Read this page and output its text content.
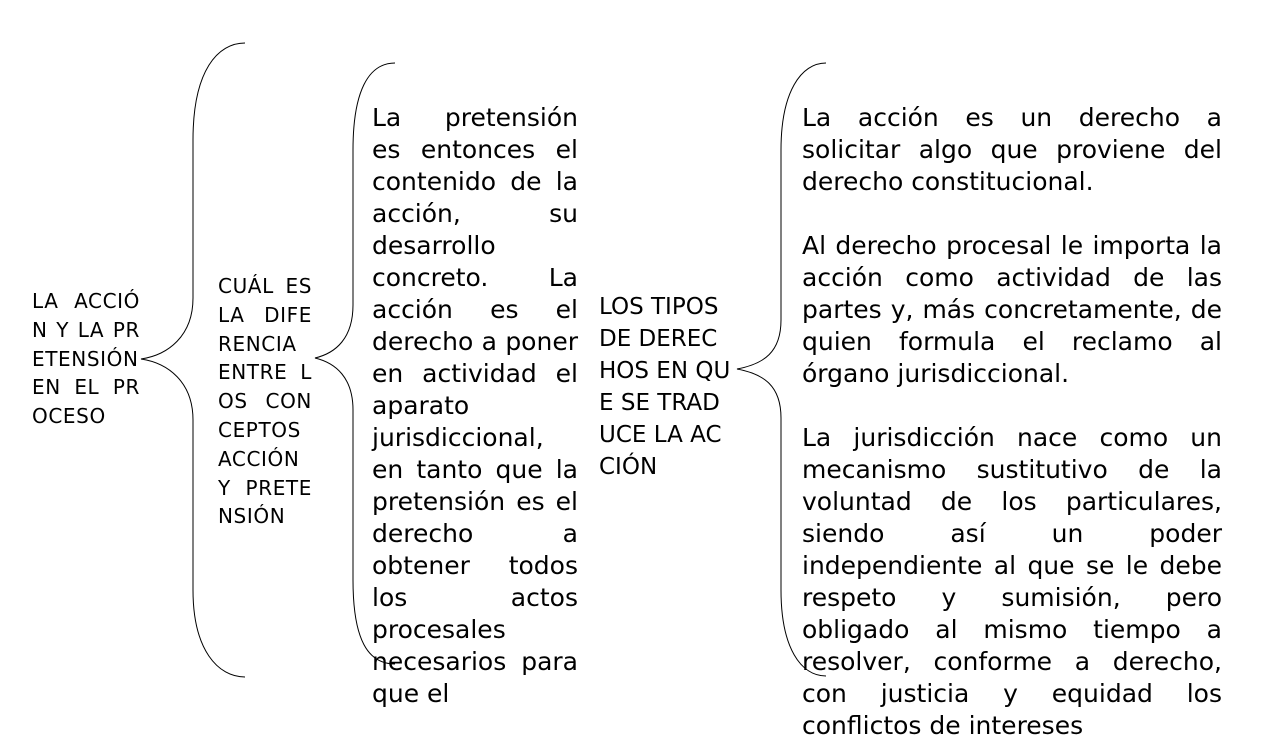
LA ACCIÓN Y LA PRETENSIÓN EN EL PROCESO
CUÁL ES LA DIFERENCIA ENTRE LOS CONCEPTOS ACCIÓN Y PRETENSIÓN
La pretensión es entonces el contenido de la acción, su desarrollo concreto. La acción es el derecho a poner en actividad el aparato jurisdiccional, en tanto que la pretensión es el derecho a obtener todos los actos procesales necesarios para que el
LOS TIPOS DE DERECHOS EN QUE SE TRADUCE LA ACCIÓN

La acción es un derecho a solicitar algo que proviene del derecho constitucional.

Al derecho procesal le importa la acción como actividad de las partes y, más concretamente, de quien formula el reclamo al órgano jurisdiccional.

La jurisdicción nace como un mecanismo sustitutivo de la voluntad de los particulares, siendo así un poder independiente al que se le debe respeto y sumisión, pero obligado al mismo tiempo a resolver, conforme a derecho, con justicia y equidad los conflictos de intereses
